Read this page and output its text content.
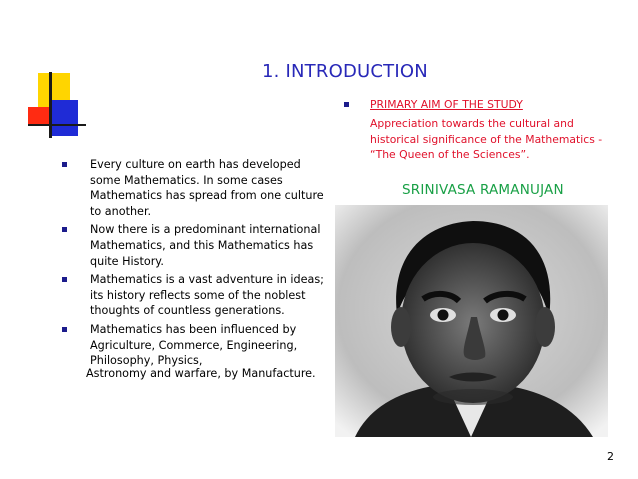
1. INTRODUCTION
Every culture on earth has developed some Mathematics. In some cases Mathematics has spread from one culture to another.
Now there is a predominant international Mathematics, and this Mathematics has quite History.
Mathematics is a vast adventure in ideas; its history reflects some of the noblest thoughts of countless generations.
Mathematics has been influenced by Agriculture, Commerce, Engineering, Philosophy, Physics,
Astronomy and warfare, by Manufacture.
PRIMARY AIM OF THE STUDY
Appreciation towards the cultural and historical significance of the Mathematics - “The Queen of the Sciences”.
SRINIVASA RAMANUJAN
2
